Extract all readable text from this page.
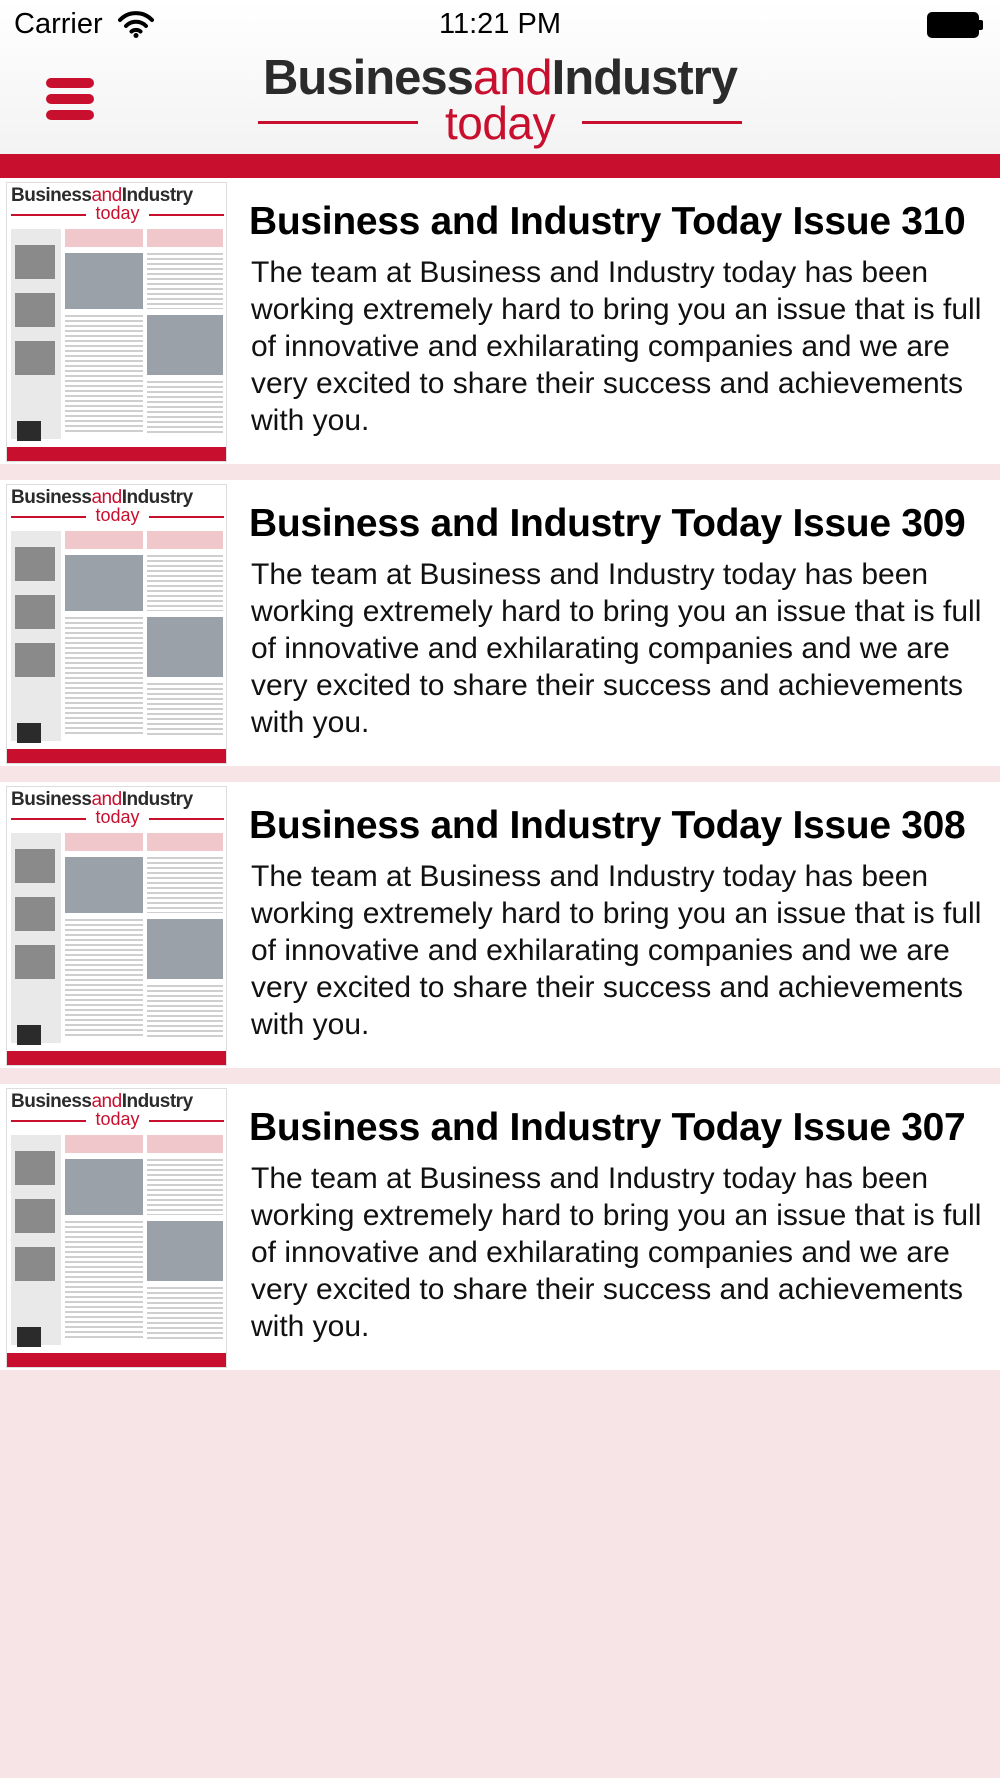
Carrier	11:21 PM
BusinessandIndustry
today
BusinessandIndustry
today	Business and Industry Today Issue 310
The team at Business and Industry today has been working extremely hard to bring you an issue that is full of innovative and exhilarating companies and we are very excited to share their success and achievements with you.
BusinessandIndustry
today	Business and Industry Today Issue 309
The team at Business and Industry today has been working extremely hard to bring you an issue that is full of innovative and exhilarating companies and we are very excited to share their success and achievements with you.
BusinessandIndustry
today	Business and Industry Today Issue 308
The team at Business and Industry today has been working extremely hard to bring you an issue that is full of innovative and exhilarating companies and we are very excited to share their success and achievements with you.
BusinessandIndustry
today	Business and Industry Today Issue 307
The team at Business and Industry today has been working extremely hard to bring you an issue that is full of innovative and exhilarating companies and we are very excited to share their success and achievements with you.
